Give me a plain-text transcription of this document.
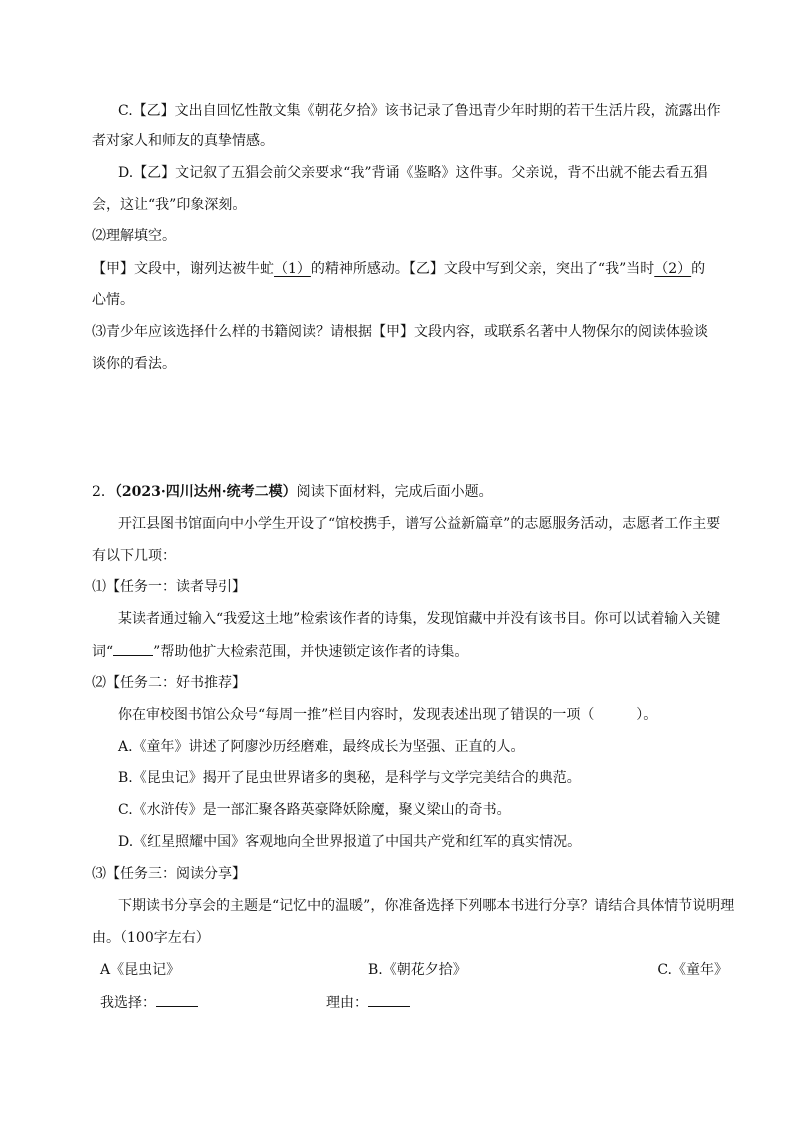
C.【乙】文出自回忆性散文集《朝花夕拾》该书记录了鲁迅青少年时期的若干生活片段，流露出作
者对家人和师友的真挚情感。
D.【乙】文记叙了五猖会前父亲要求“我”背诵《鉴略》这件事。父亲说，背不出就不能去看五猖
会，这让“我”印象深刻。
⑵理解填空。
【甲】文段中，谢列达被牛虻（1）的精神所感动。【乙】文段中写到父亲，突出了“我”当时（2）的
心情。
⑶青少年应该选择什么样的书籍阅读？请根据【甲】文段内容，或联系名著中人物保尔的阅读体验谈
谈你的看法。
2．（2023·四川达州·统考二模）阅读下面材料，完成后面小题。
开江县图书馆面向中小学生开设了“馆校携手，谱写公益新篇章”的志愿服务活动，志愿者工作主要
有以下几项：
⑴【任务一：读者导引】
某读者通过输入“我爱这土地”检索该作者的诗集，发现馆藏中并没有该书目。你可以试着输入关键
词“	”帮助他扩大检索范围，并快速锁定该作者的诗集。
⑵【任务二：好书推荐】
你在审校图书馆公众号“每周一推”栏目内容时，发现表述出现了错误的一项（　　　）。
A.《童年》讲述了阿廖沙历经磨难，最终成长为坚强、正直的人。
B.《昆虫记》揭开了昆虫世界诸多的奥秘，是科学与文学完美结合的典范。
C.《水浒传》是一部汇聚各路英豪降妖除魔，聚义梁山的奇书。
D.《红星照耀中国》客观地向全世界报道了中国共产党和红军的真实情况。
⑶【任务三：阅读分享】
下期读书分享会的主题是“记忆中的温暖”，你准备选择下列哪本书进行分享？请结合具体情节说明理
由。（100字左右）
A《昆虫记》	B.《朝花夕拾》	C.《童年》
我选择：	理由：
